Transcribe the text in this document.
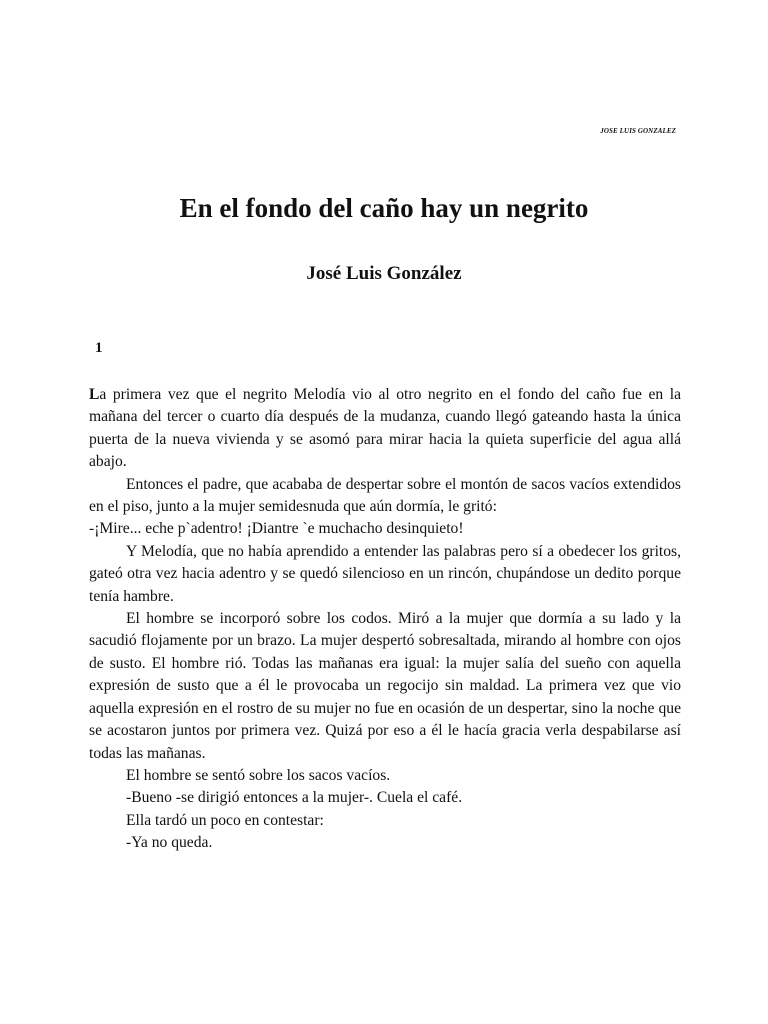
JOSE LUIS GONZALEZ
En el fondo del caño hay un negrito
José Luis González
1

La primera vez que el negrito Melodía vio al otro negrito en el fondo del caño fue en la mañana del tercer o cuarto día después de la mudanza, cuando llegó gateando hasta la única puerta de la nueva vivienda y se asomó para mirar hacia la quieta superficie del agua allá abajo.

Entonces el padre, que acababa de despertar sobre el montón de sacos vacíos extendidos en el piso, junto a la mujer semidesnuda que aún dormía, le gritó:

-¡Mire... eche p`adentro! ¡Diantre `e muchacho desinquieto!

Y Melodía, que no había aprendido a entender las palabras pero sí a obedecer los gritos, gateó otra vez hacia adentro y se quedó silencioso en un rincón, chupándose un dedito porque tenía hambre.

El hombre se incorporó sobre los codos. Miró a la mujer que dormía a su lado y la sacudió flojamente por un brazo. La mujer despertó sobresaltada, mirando al hombre con ojos de susto. El hombre rió. Todas las mañanas era igual: la mujer salía del sueño con aquella expresión de susto que a él le provocaba un regocijo sin maldad. La primera vez que vio aquella expresión en el rostro de su mujer no fue en ocasión de un despertar, sino la noche que se acostaron juntos por primera vez. Quizá por eso a él le hacía gracia verla despabilarse así todas las mañanas.

El hombre se sentó sobre los sacos vacíos.

-Bueno -se dirigió entonces a la mujer-. Cuela el café.

Ella tardó un poco en contestar:

-Ya no queda.
